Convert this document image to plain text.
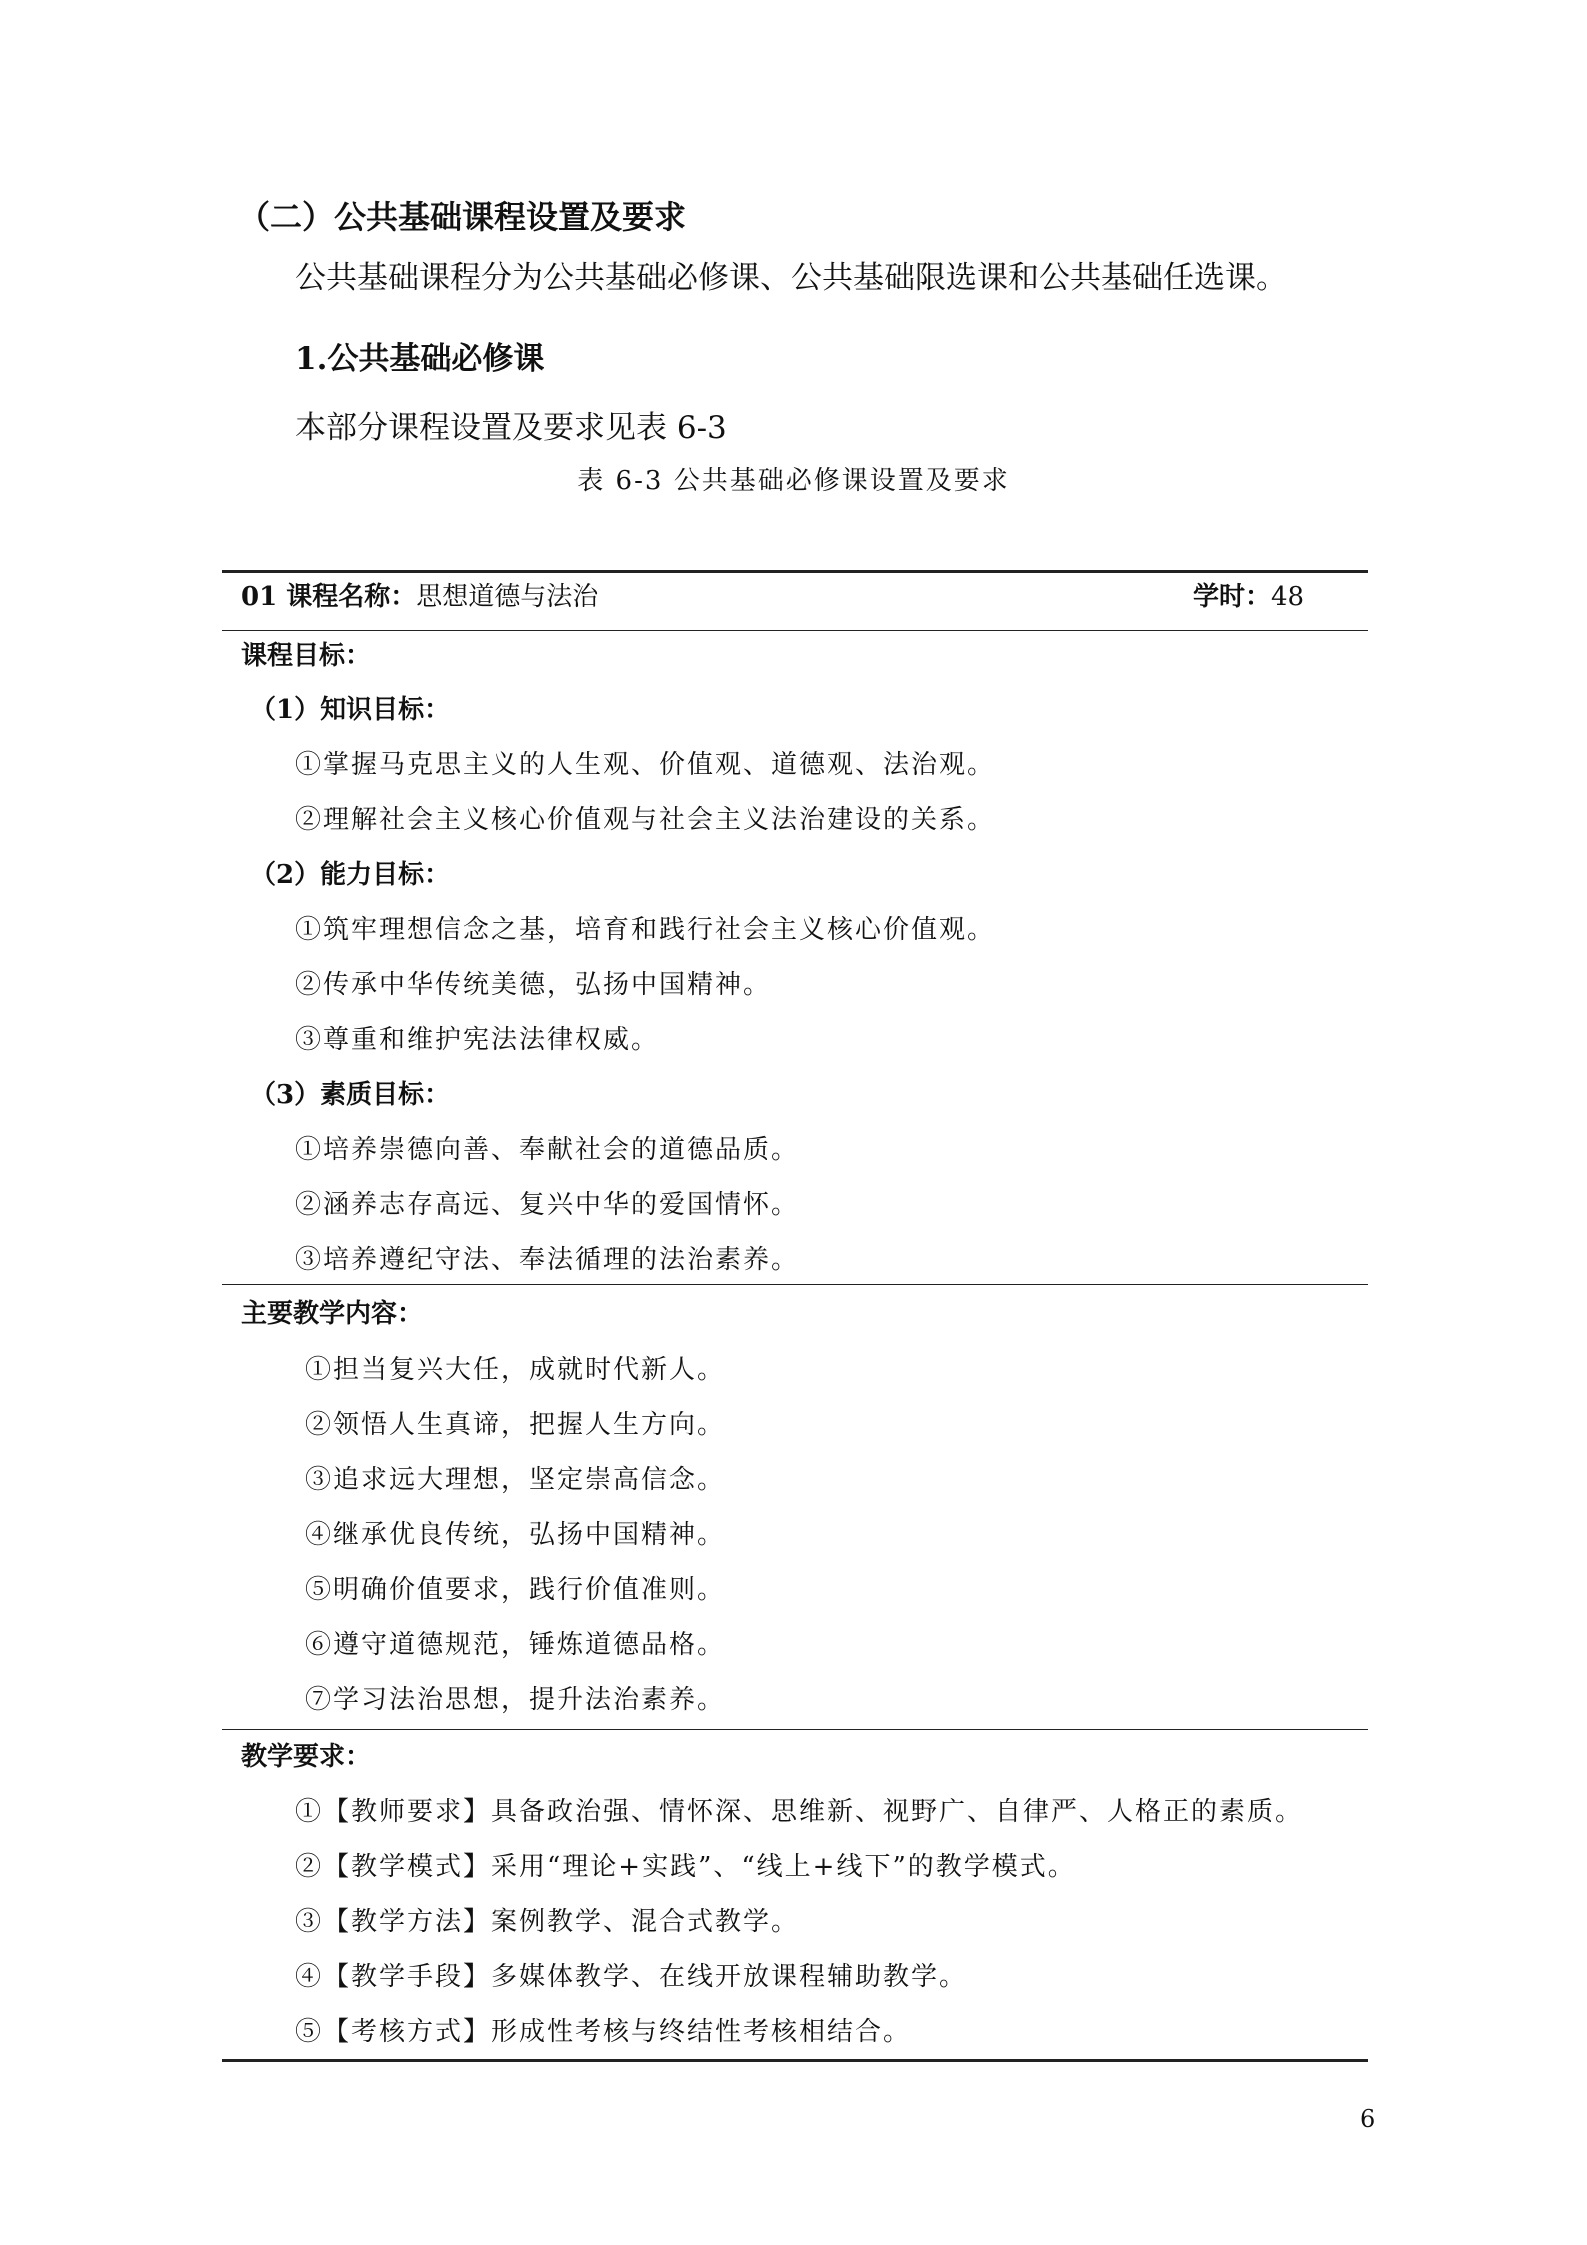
（二）公共基础课程设置及要求
公共基础课程分为公共基础必修课、公共基础限选课和公共基础任选课。
1.公共基础必修课
本部分课程设置及要求见表 6-3
表 6-3 公共基础必修课设置及要求
01 课程名称：思想道德与法治	学时：48
课程目标：
（1）知识目标：
①掌握马克思主义的人生观、价值观、道德观、法治观。
②理解社会主义核心价值观与社会主义法治建设的关系。
（2）能力目标：
①筑牢理想信念之基，培育和践行社会主义核心价值观。
②传承中华传统美德，弘扬中国精神。
③尊重和维护宪法法律权威。
（3）素质目标：
①培养崇德向善、奉献社会的道德品质。
②涵养志存高远、复兴中华的爱国情怀。
③培养遵纪守法、奉法循理的法治素养。
主要教学内容：
①担当复兴大任，成就时代新人。
②领悟人生真谛，把握人生方向。
③追求远大理想，坚定崇高信念。
④继承优良传统，弘扬中国精神。
⑤明确价值要求，践行价值准则。
⑥遵守道德规范，锤炼道德品格。
⑦学习法治思想，提升法治素养。
教学要求：
①【教师要求】具备政治强、情怀深、思维新、视野广、自律严、人格正的素质。
②【教学模式】采用“理论+实践”、“线上+线下”的教学模式。
③【教学方法】案例教学、混合式教学。
④【教学手段】多媒体教学、在线开放课程辅助教学。
⑤【考核方式】形成性考核与终结性考核相结合。
6
